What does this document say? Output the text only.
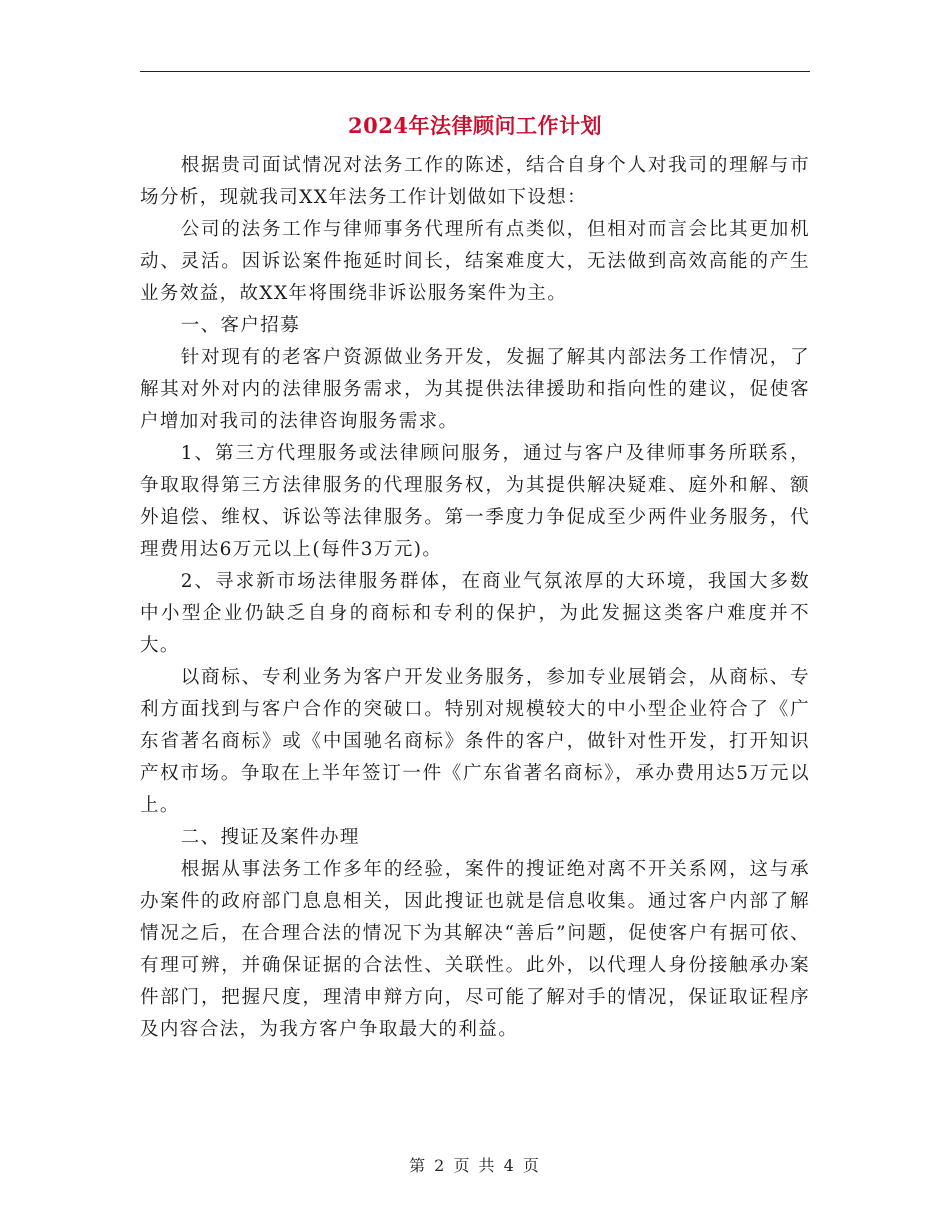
2024年法律顾问工作计划

根据贵司面试情况对法务工作的陈述，结合自身个人对我司的理解与市场分析，现就我司XX年法务工作计划做如下设想：

公司的法务工作与律师事务代理所有点类似，但相对而言会比其更加机动、灵活。因诉讼案件拖延时间长，结案难度大，无法做到高效高能的产生业务效益，故XX年将围绕非诉讼服务案件为主。

一、客户招募

针对现有的老客户资源做业务开发，发掘了解其内部法务工作情况，了解其对外对内的法律服务需求，为其提供法律援助和指向性的建议，促使客户增加对我司的法律咨询服务需求。

1、第三方代理服务或法律顾问服务，通过与客户及律师事务所联系，争取取得第三方法律服务的代理服务权，为其提供解决疑难、庭外和解、额外追偿、维权、诉讼等法律服务。第一季度力争促成至少两件业务服务，代理费用达6万元以上(每件3万元)。

2、寻求新市场法律服务群体，在商业气氛浓厚的大环境，我国大多数中小型企业仍缺乏自身的商标和专利的保护，为此发掘这类客户难度并不大。

以商标、专利业务为客户开发业务服务，参加专业展销会，从商标、专利方面找到与客户合作的突破口。特别对规模较大的中小型企业符合了《广东省著名商标》或《中国驰名商标》条件的客户，做针对性开发，打开知识产权市场。争取在上半年签订一件《广东省著名商标》，承办费用达5万元以上。

二、搜证及案件办理

根据从事法务工作多年的经验，案件的搜证绝对离不开关系网，这与承办案件的政府部门息息相关，因此搜证也就是信息收集。通过客户内部了解情况之后，在合理合法的情况下为其解决“善后”问题，促使客户有据可依、有理可辨，并确保证据的合法性、关联性。此外，以代理人身份接触承办案件部门，把握尺度，理清申辩方向，尽可能了解对手的情况，保证取证程序及内容合法，为我方客户争取最大的利益。

第 2 页 共 4 页
